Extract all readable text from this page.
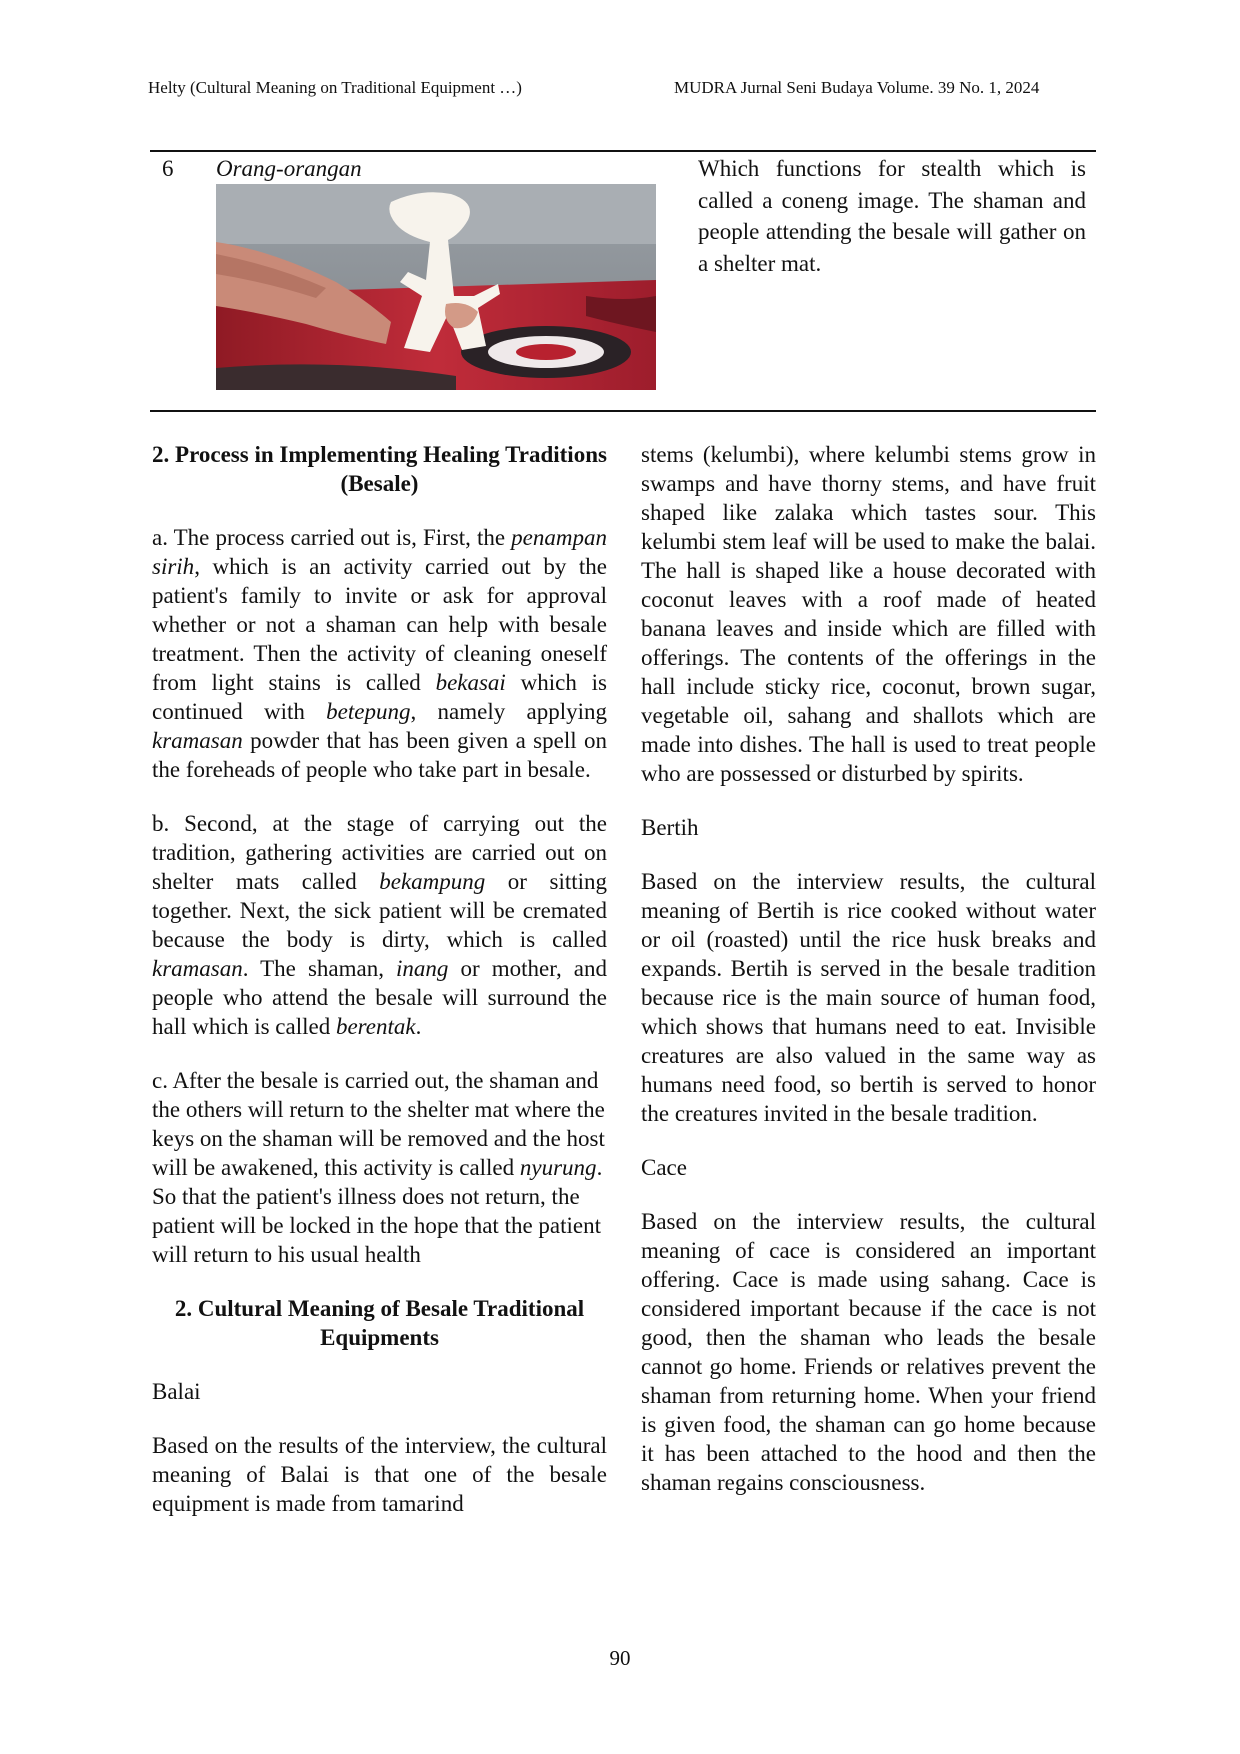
Helty (Cultural Meaning on Traditional Equipment …)	MUDRA Jurnal Seni Budaya Volume. 39 No. 1, 2024
6 Orang-orangan	Which functions for stealth which is called a coneng image. The shaman and people attending the besale will gather on a shelter mat.
2. Process in Implementing Healing Traditions (Besale)

a. The process carried out is, First, the penampan sirih, which is an activity carried out by the patient's family to invite or ask for approval whether or not a shaman can help with besale treatment. Then the activity of cleaning oneself from light stains is called bekasai which is continued with betepung, namely applying kramasan powder that has been given a spell on the foreheads of people who take part in besale.

b. Second, at the stage of carrying out the tradition, gathering activities are carried out on shelter mats called bekampung or sitting together. Next, the sick patient will be cremated because the body is dirty, which is called kramasan. The shaman, inang or mother, and people who attend the besale will surround the hall which is called berentak.

c. After the besale is carried out, the shaman and the others will return to the shelter mat where the keys on the shaman will be removed and the host will be awakened, this activity is called nyurung. So that the patient's illness does not return, the patient will be locked in the hope that the patient will return to his usual health

2. Cultural Meaning of Besale Traditional Equipments

Balai

Based on the results of the interview, the cultural meaning of Balai is that one of the besale equipment is made from tamarind

stems (kelumbi), where kelumbi stems grow in swamps and have thorny stems, and have fruit shaped like zalaka which tastes sour. This kelumbi stem leaf will be used to make the balai. The hall is shaped like a house decorated with coconut leaves with a roof made of heated banana leaves and inside which are filled with offerings. The contents of the offerings in the hall include sticky rice, coconut, brown sugar, vegetable oil, sahang and shallots which are made into dishes. The hall is used to treat people who are possessed or disturbed by spirits.

Bertih

Based on the interview results, the cultural meaning of Bertih is rice cooked without water or oil (roasted) until the rice husk breaks and expands. Bertih is served in the besale tradition because rice is the main source of human food, which shows that humans need to eat. Invisible creatures are also valued in the same way as humans need food, so bertih is served to honor the creatures invited in the besale tradition.

Cace

Based on the interview results, the cultural meaning of cace is considered an important offering. Cace is made using sahang. Cace is considered important because if the cace is not good, then the shaman who leads the besale cannot go home. Friends or relatives prevent the shaman from returning home. When your friend is given food, the shaman can go home because it has been attached to the hood and then the shaman regains consciousness.

90
